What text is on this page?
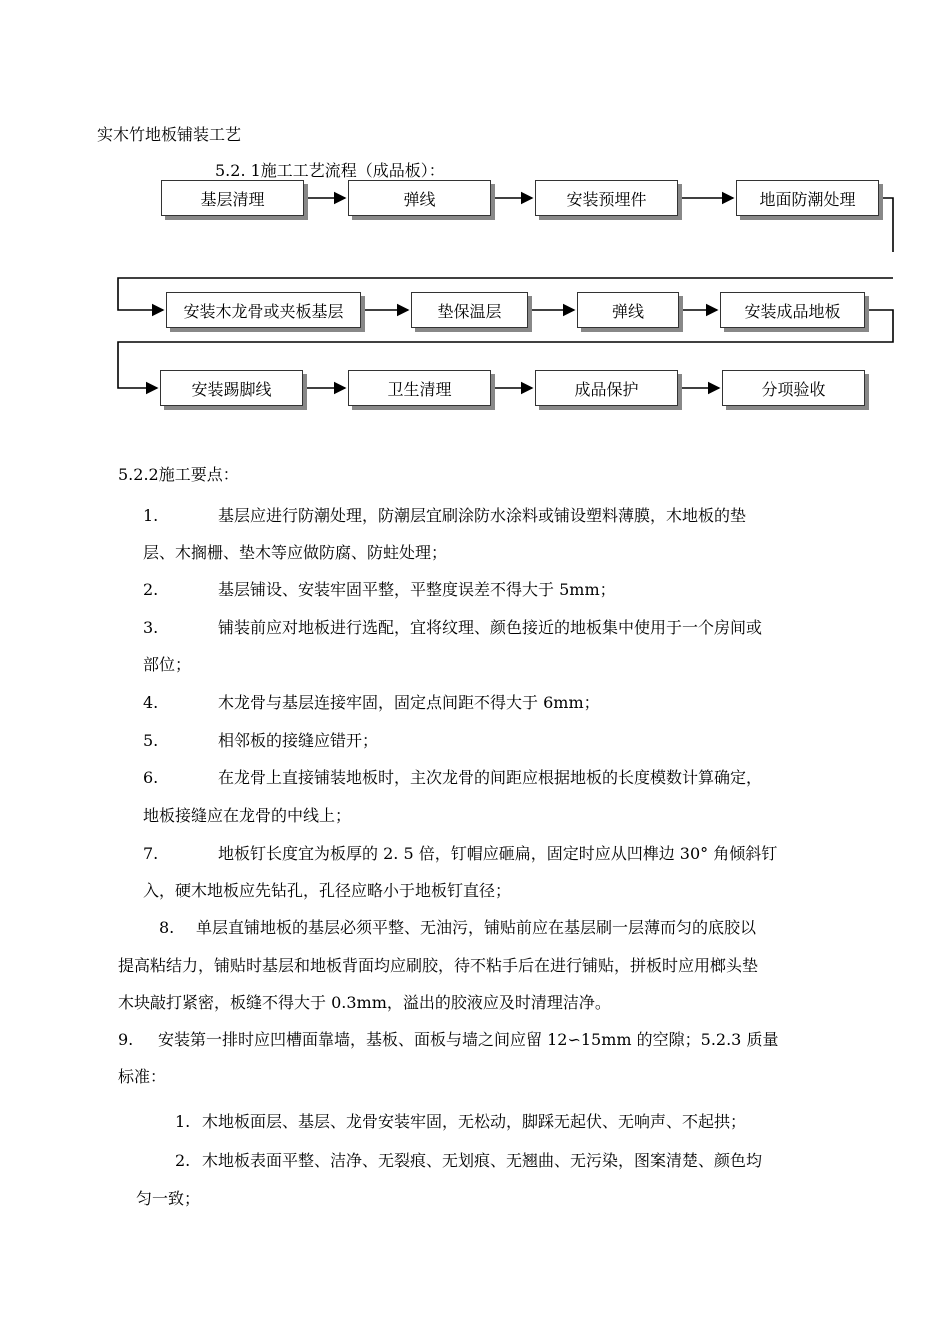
实木竹地板铺装工艺
5.2. 1施工工艺流程（成品板）：
基层清理	弹线	安装预埋件	地面防潮处理
安装木龙骨或夹板基层	垫保温层	弹线	安装成品地板
安装踢脚线	卫生清理	成品保护	分项验收
5.2.2施工要点：
1.	基层应进行防潮处理，防潮层宜刷涂防水涂料或铺设塑料薄膜，木地板的垫
层、木搁栅、垫木等应做防腐、防蛀处理；
2.	基层铺设、安装牢固平整，平整度误差不得大于 5mm；
3.	铺装前应对地板进行选配，宜将纹理、颜色接近的地板集中使用于一个房间或
部位；
4.	木龙骨与基层连接牢固，固定点间距不得大于 6mm；
5.	相邻板的接缝应错开；
6.	在龙骨上直接铺装地板时，主次龙骨的间距应根据地板的长度模数计算确定，
地板接缝应在龙骨的中线上；
7.	地板钉长度宜为板厚的 2. 5 倍，钉帽应砸扁，固定时应从凹榫边 30° 角倾斜钉
入，硬木地板应先钻孔，孔径应略小于地板钉直径；
8. 单层直铺地板的基层必须平整、无油污，铺贴前应在基层刷一层薄而匀的底胶以
提高粘结力，铺贴时基层和地板背面均应刷胶，待不粘手后在进行铺贴，拼板时应用榔头垫
木块敲打紧密，板缝不得大于 0.3mm，溢出的胶液应及时清理洁净。
9. 安装第一排时应凹槽面靠墙，基板、面板与墙之间应留 12∽15mm 的空隙；5.2.3 质量
标准：
1. 木地板面层、基层、龙骨安装牢固，无松动，脚踩无起伏、无响声、不起拱；
2. 木地板表面平整、洁净、无裂痕、无划痕、无翘曲、无污染，图案清楚、颜色均
匀一致；
